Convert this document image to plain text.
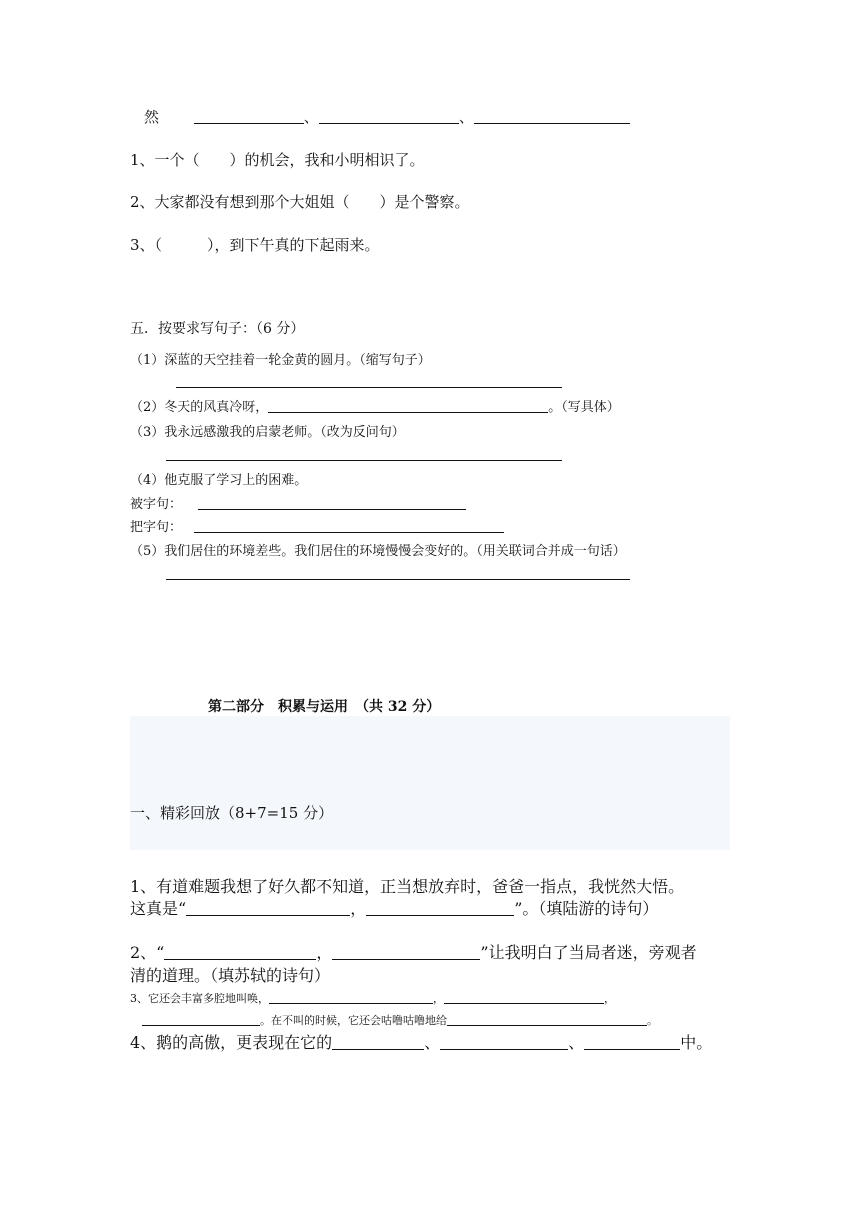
然	、	、
1、一个（　　）的机会，我和小明相识了。
2、大家都没有想到那个大姐姐（　　）是个警察。
3、（　　　），到下午真的下起雨来。
五．按要求写句子：（6 分）
（1）深蓝的天空挂着一轮金黄的圆月。（缩写句子）
（2）冬天的风真冷呀，	。（写具体）
（3）我永远感激我的启蒙老师。（改为反问句）
（4）他克服了学习上的困难。
被字句：
把字句：
（5）我们居住的环境差些。我们居住的环境慢慢会变好的。（用关联词合并成一句话）
第二部分　积累与运用　（共 32 分）
一、精彩回放（8+7=15 分）
1、有道难题我想了好久都不知道，正当想放弃时，爸爸一指点，我恍然大悟。
这真是“	，	”。（填陆游的诗句）
2、“	，	”让我明白了当局者迷，旁观者
清的道理。（填苏轼的诗句）
3、它还会丰富多腔地叫唤，	，	，
。在不叫的时候，它还会咕噜咕噜地给	。
4、鹅的高傲，更表现在它的	、	、	中。
